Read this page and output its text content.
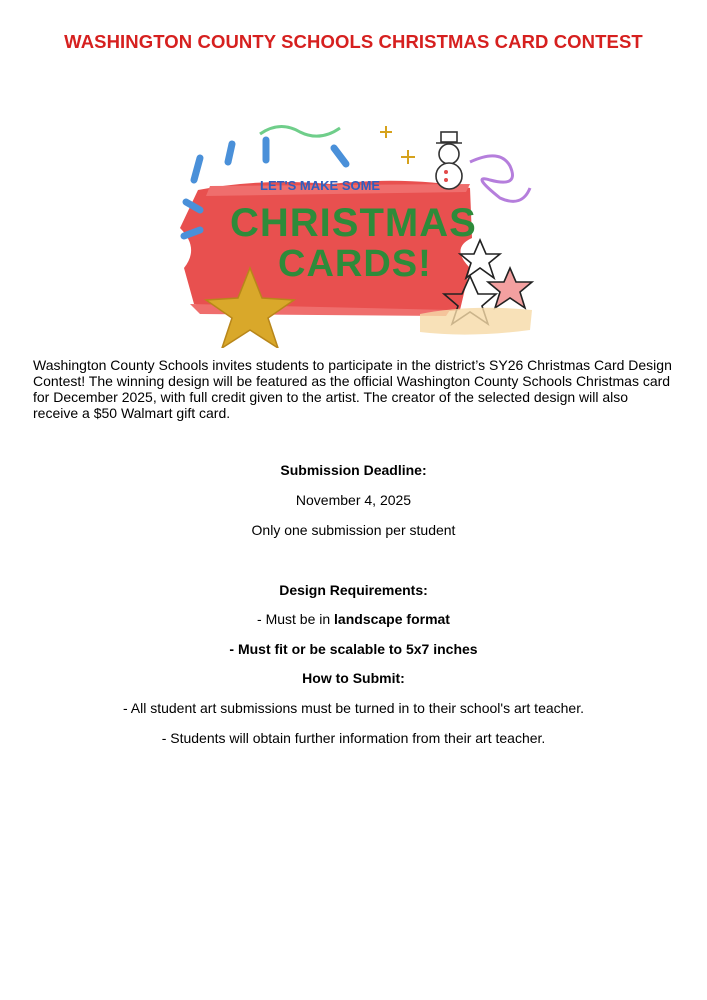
WASHINGTON COUNTY SCHOOLS CHRISTMAS CARD CONTEST
LET'S MAKE SOME
CHRISTMAS
CARDS!
Washington County Schools invites students to participate in the district’s SY26 Christmas Card Design Contest! The winning design will be featured as the official Washington County Schools Christmas card for December 2025, with full credit given to the artist. The creator of the selected design will also receive a $50 Walmart gift card.
Submission Deadline:
November 4, 2025
Only one submission per student
Design Requirements:
- Must be in landscape format
- Must fit or be scalable to 5x7 inches
How to Submit:
- All student art submissions must be turned in to their school's art teacher.
- Students will obtain further information from their art teacher.
